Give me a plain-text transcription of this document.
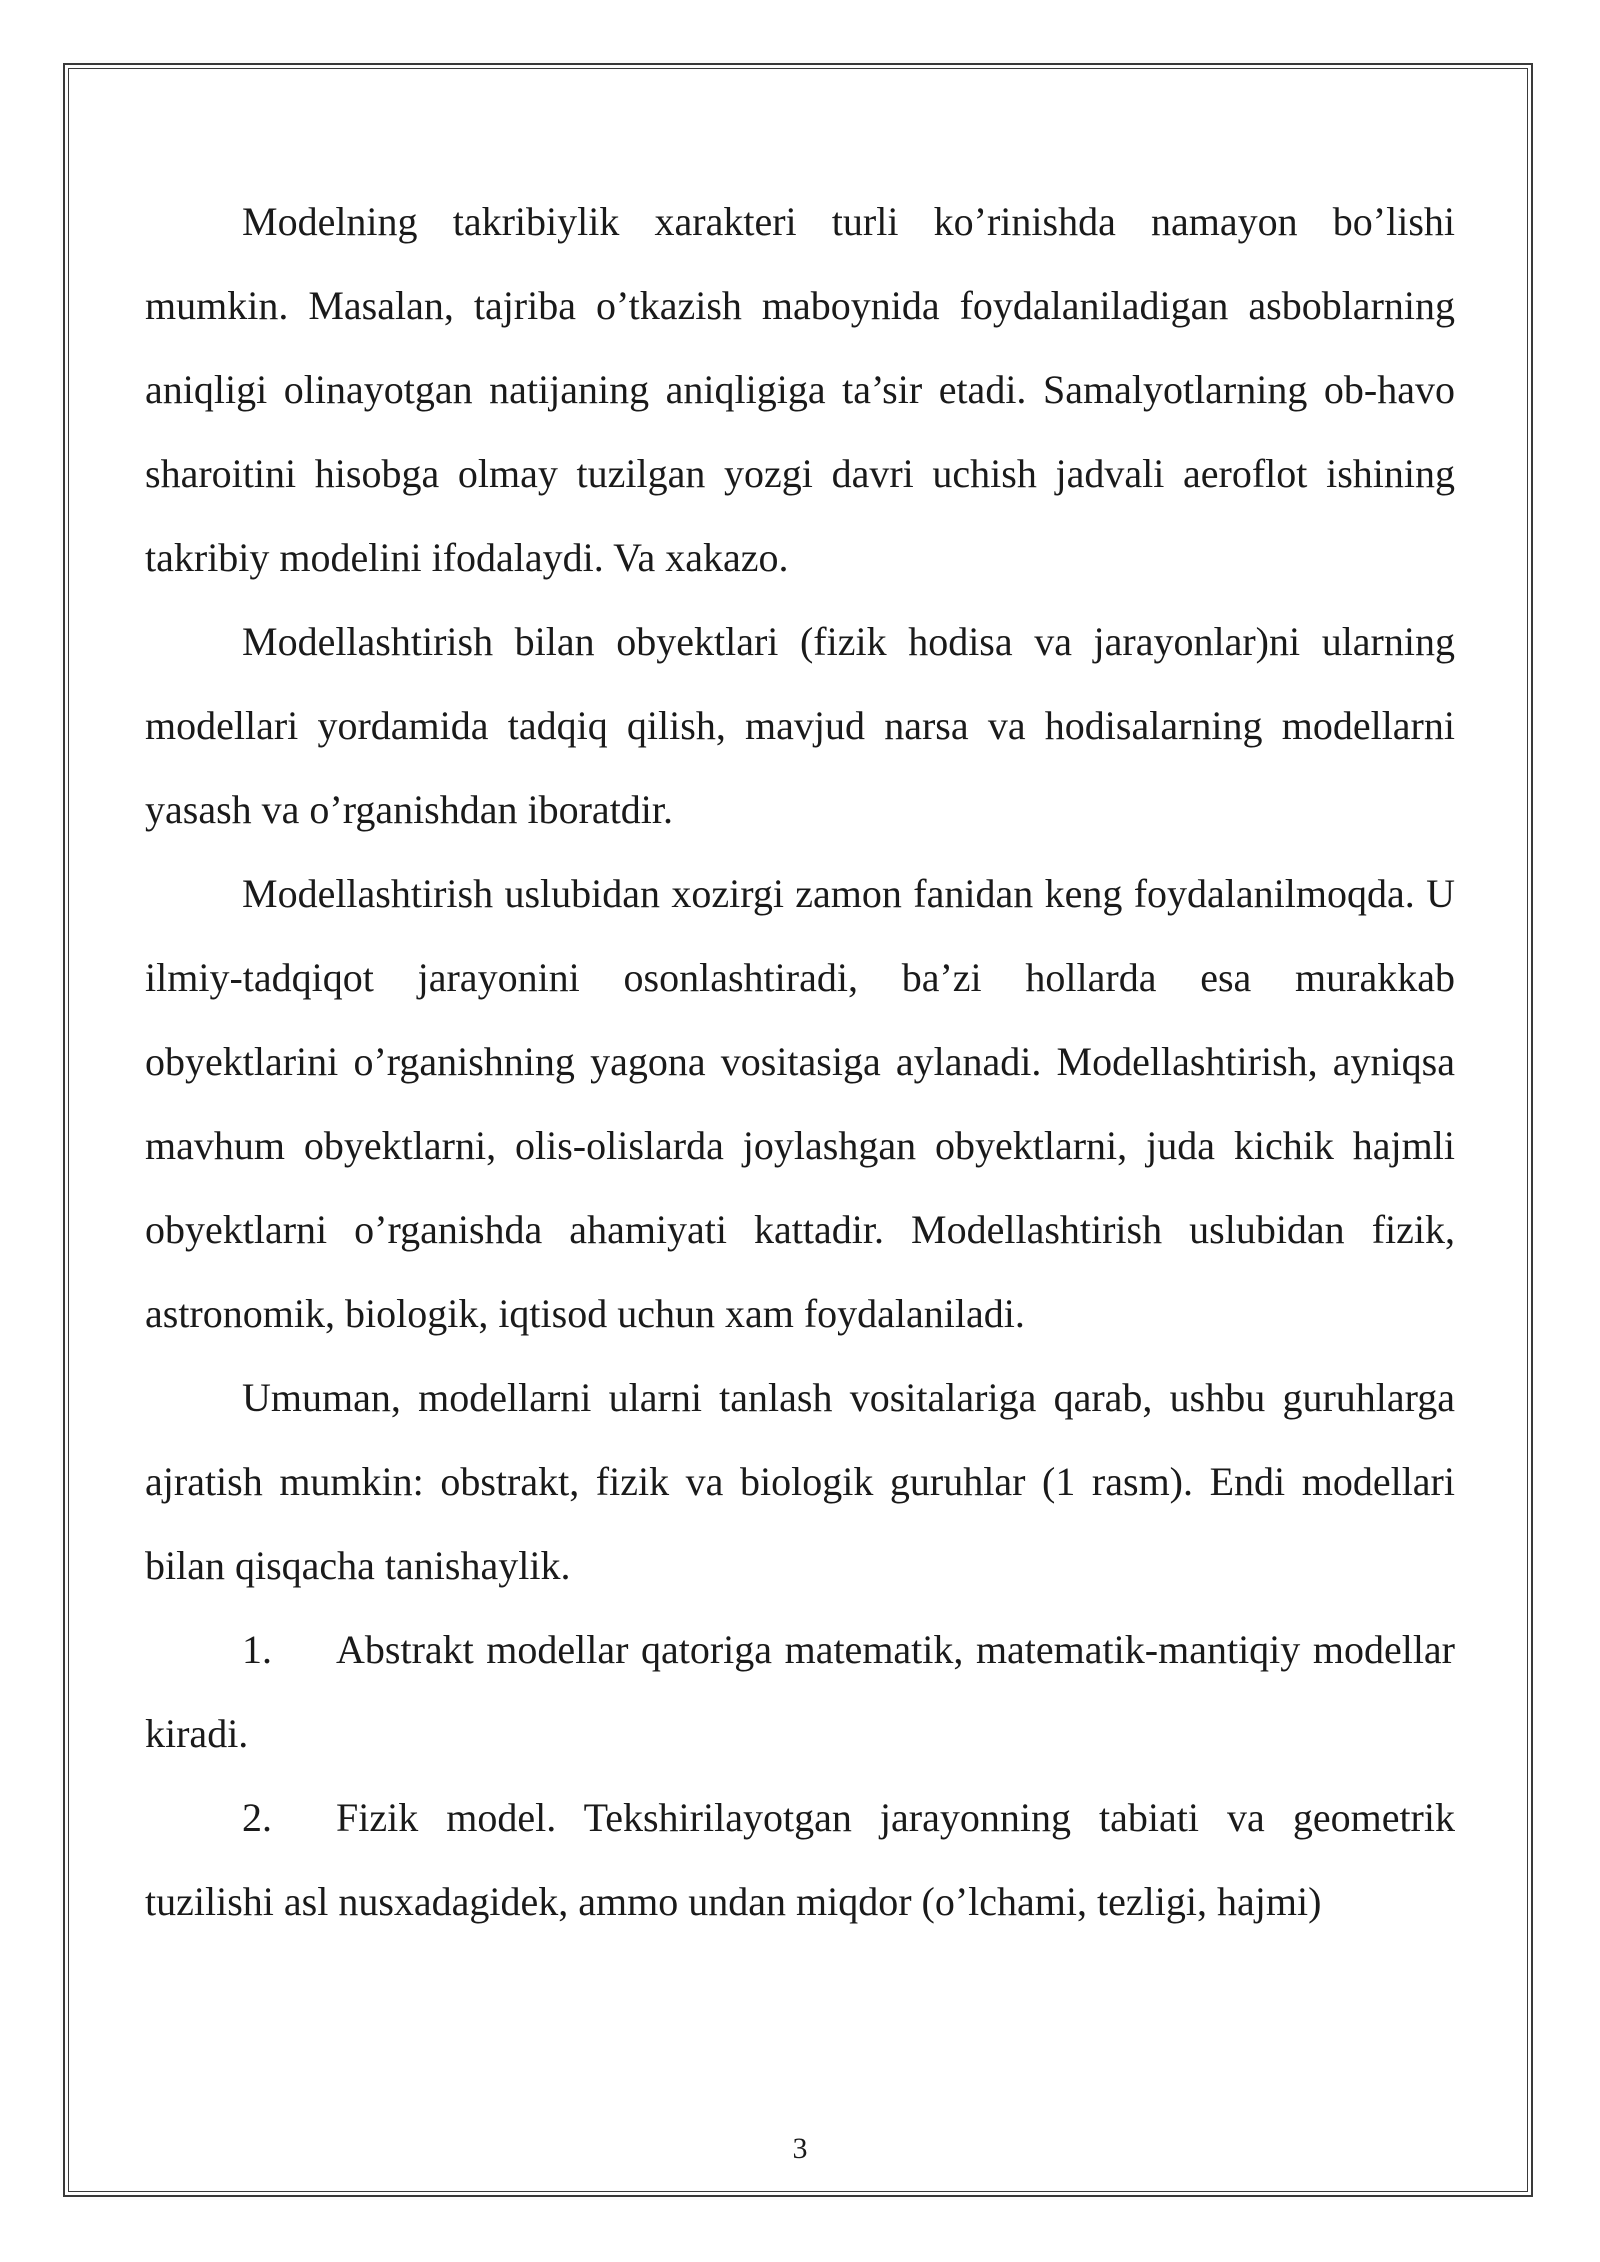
Modelning takribiylik xarakteri turli ko’rinishda namayon bo’lishi mumkin. Masalan, tajriba o’tkazish maboynida foydalaniladigan asboblarning aniqligi olinayotgan natijaning aniqligiga ta’sir etadi. Samalyotlarning ob-havo sharoitini hisobga olmay tuzilgan yozgi davri uchish jadvali aeroflot ishining takribiy modelini ifodalaydi. Va xakazo.

Modellashtirish bilan obyektlari (fizik hodisa va jarayonlar)ni ularning modellari yordamida tadqiq qilish, mavjud narsa va hodisalarning modellarni yasash va o’rganishdan iboratdir.

Modellashtirish uslubidan xozirgi zamon fanidan keng foydalanilmoqda. U ilmiy-tadqiqot jarayonini osonlashtiradi, ba’zi hollarda esa murakkab obyektlarini o’rganishning yagona vositasiga aylanadi. Modellashtirish, ayniqsa mavhum obyektlarni, olis-olislarda joylashgan obyektlarni, juda kichik hajmli obyektlarni o’rganishda ahamiyati kattadir. Modellashtirish uslubidan fizik, astronomik, biologik, iqtisod uchun xam foydalaniladi.

Umuman, modellarni ularni tanlash vositalariga qarab, ushbu guruhlarga ajratish mumkin: obstrakt, fizik va biologik guruhlar (1 rasm). Endi modellari bilan qisqacha tanishaylik.

1. Abstrakt modellar qatoriga matematik, matematik-mantiqiy modellar kiradi.

2. Fizik model. Tekshirilayotgan jarayonning tabiati va geometrik tuzilishi asl nusxadagidek, ammo undan miqdor (o’lchami, tezligi, hajmi)

3
